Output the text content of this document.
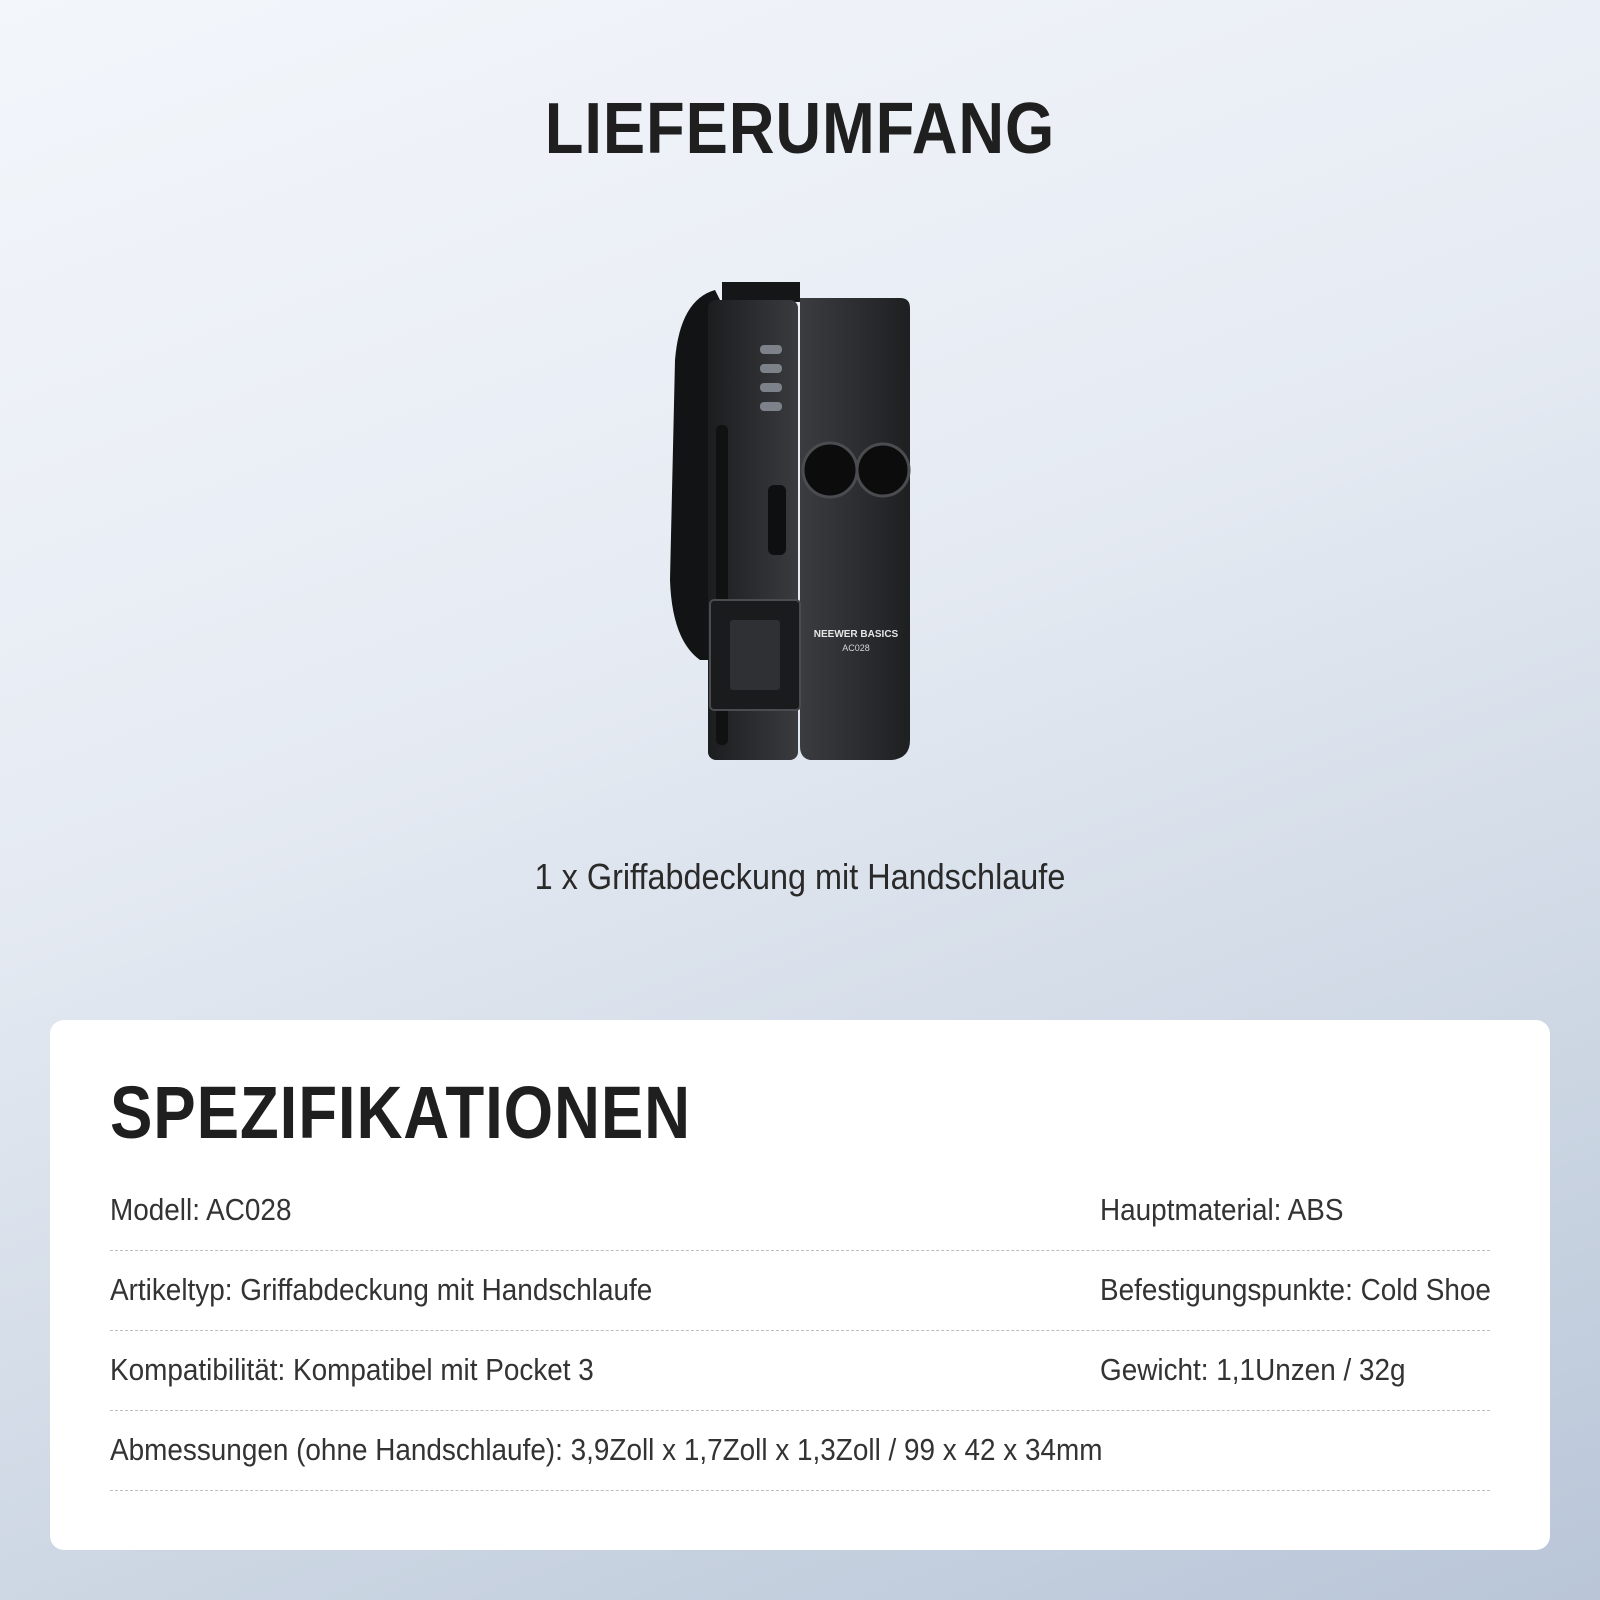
LIEFERUMFANG
NEEWER BASICS
AC028
1 x Griffabdeckung mit Handschlaufe
SPEZIFIKATIONEN
Modell: AC028	Hauptmaterial: ABS
Artikeltyp: Griffabdeckung mit Handschlaufe	Befestigungspunkte: Cold Shoe
Kompatibilität: Kompatibel mit Pocket 3	Gewicht: 1,1Unzen / 32g
Abmessungen (ohne Handschlaufe): 3,9Zoll x 1,7Zoll x 1,3Zoll / 99 x 42 x 34mm
